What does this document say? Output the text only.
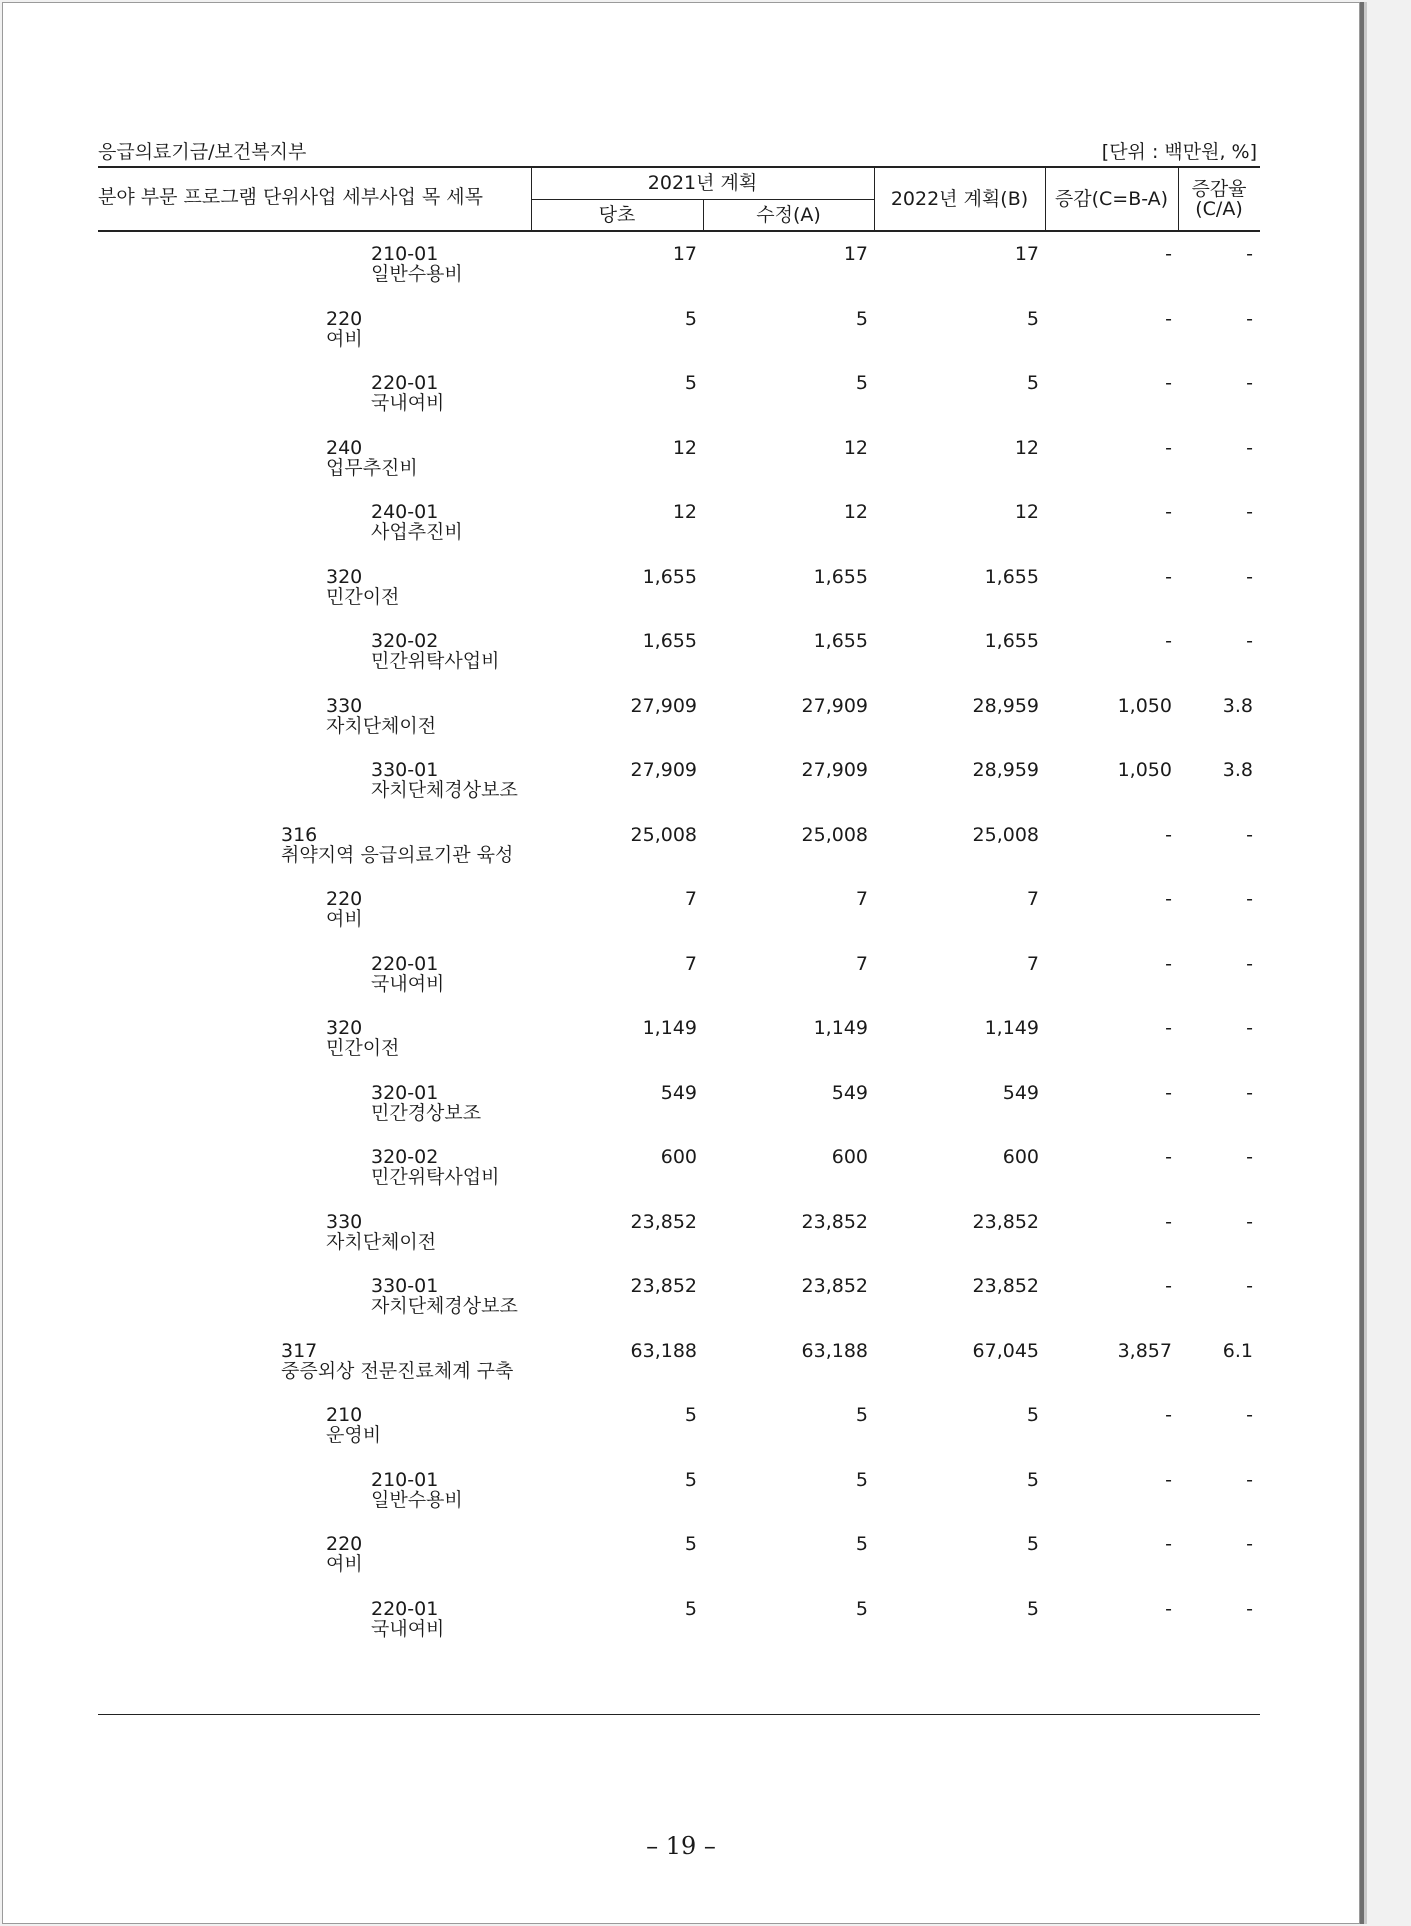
응급의료기금/보건복지부	[단위 : 백만원, %]
분야 부문 프로그램 단위사업 세부사업 목 세목
2021년 계획
당초	수정(A)
2022년 계획(B)	증감(C=B-A)	증감율
(C/A)
210-01
일반수용비
17	17	17	-	-
220
여비
5	5	5	-	-
220-01
국내여비
5	5	5	-	-
240
업무추진비
12	12	12	-	-
240-01
사업추진비
12	12	12	-	-
320
민간이전
1,655	1,655	1,655	-	-
320-02
민간위탁사업비
1,655	1,655	1,655	-	-
330
자치단체이전
27,909	27,909	28,959	1,050	3.8
330-01
자치단체경상보조
27,909	27,909	28,959	1,050	3.8
316
취약지역 응급의료기관 육성
25,008	25,008	25,008	-	-
220
여비
7	7	7	-	-
220-01
국내여비
7	7	7	-	-
320
민간이전
1,149	1,149	1,149	-	-
320-01
민간경상보조
549	549	549	-	-
320-02
민간위탁사업비
600	600	600	-	-
330
자치단체이전
23,852	23,852	23,852	-	-
330-01
자치단체경상보조
23,852	23,852	23,852	-	-
317
중증외상 전문진료체계 구축
63,188	63,188	67,045	3,857	6.1
210
운영비
5	5	5	-	-
210-01
일반수용비
5	5	5	-	-
220
여비
5	5	5	-	-
220-01
국내여비
5	5	5	-	-
– 19 –
